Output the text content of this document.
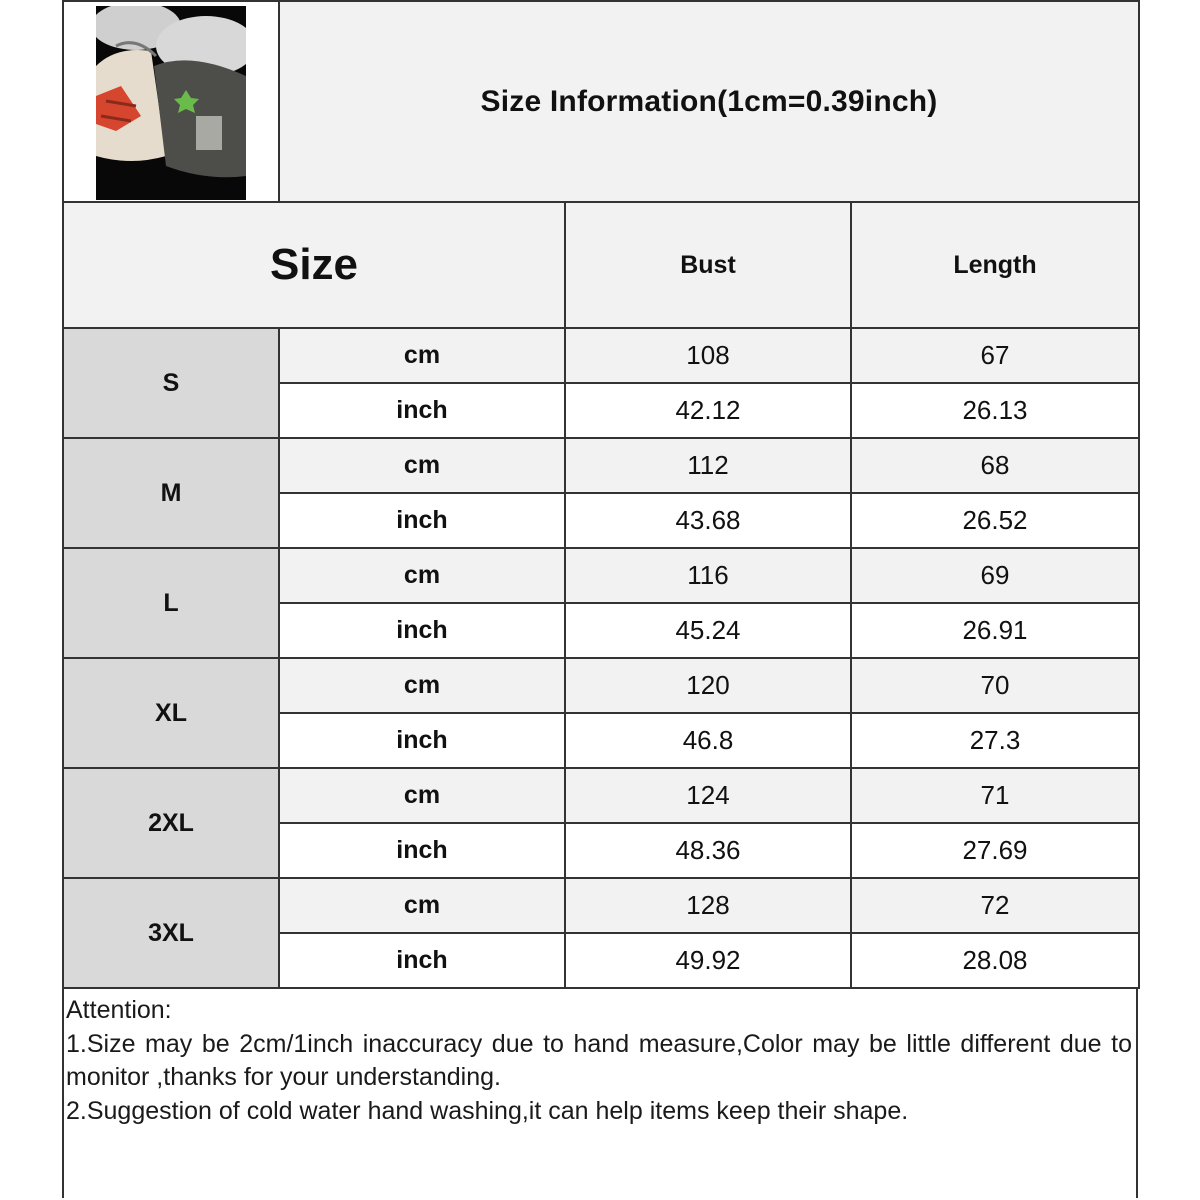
	Size Information(1cm=0.39inch)		
Size		Bust	Length
S	cm	108	67
	inch	42.12	26.13
M	cm	112	68
	inch	43.68	26.52
L	cm	116	69
	inch	45.24	26.91
XL	cm	120	70
	inch	46.8	27.3
2XL	cm	124	71
	inch	48.36	27.69
3XL	cm	128	72
	inch	49.92	28.08
Attention:
1.Size may be 2cm/1inch inaccuracy due to hand measure,Color may be little different due to
monitor ,thanks for your understanding.
2.Suggestion of cold water hand washing,it can help items keep their shape.
